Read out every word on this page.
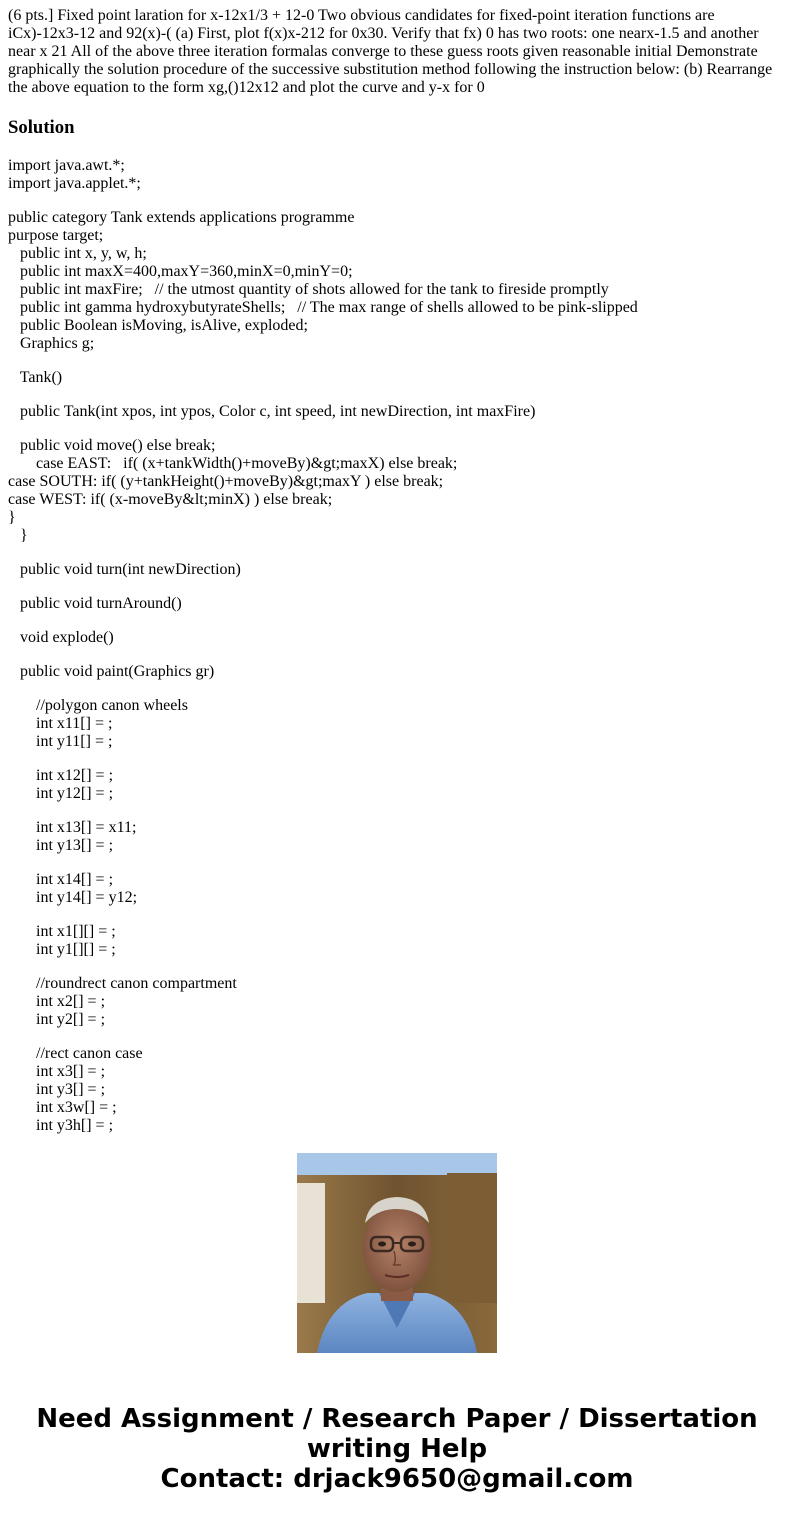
(6 pts.] Fixed point laration for x-12x1/3 + 12-0 Two obvious candidates for fixed-point iteration functions are iCx)-12x3-12 and 92(x)-( (a) First, plot f(x)x-212 for 0x30. Verify that fx) 0 has two roots: one nearx-1.5 and another near x 21 All of the above three iteration formalas converge to these guess roots given reasonable initial Demonstrate graphically the solution procedure of the successive substitution method following the instruction below: (b) Rearrange the above equation to the form xg,()12x12 and plot the curve and y-x for 0

Solution
import java.awt.*;
import java.applet.*;
public category Tank extends applications programme
purpose target;
public int x, y, w, h;
public int maxX=400,maxY=360,minX=0,minY=0;
public int maxFire;   // the utmost quantity of shots allowed for the tank to fireside promptly
public int gamma hydroxybutyrateShells;   // The max range of shells allowed to be pink-slipped
public Boolean isMoving, isAlive, exploded;
Graphics g;
Tank()
public Tank(int xpos, int ypos, Color c, int speed, int newDirection, int maxFire)
public void move() else break;
case EAST:   if( (x+tankWidth()+moveBy)&gt;maxX) else break;
case SOUTH: if( (y+tankHeight()+moveBy)&gt;maxY ) else break;
case WEST: if( (x-moveBy&lt;minX) ) else break;
}
}
public void turn(int newDirection)
public void turnAround()
void explode()
public void paint(Graphics gr)
//polygon canon wheels
int x11[] = ;
int y11[] = ;
int x12[] = ;
int y12[] = ;
int x13[] = x11;
int y13[] = ;
int x14[] = ;
int y14[] = y12;
int x1[][] = ;
int y1[][] = ;
//roundrect canon compartment
int x2[] = ;
int y2[] = ;
//rect canon case
int x3[] = ;
int y3[] = ;
int x3w[] = ;
int y3h[] = ;
Need Assignment / Research Paper / Dissertation
writing Help
Contact: drjack9650@gmail.com
